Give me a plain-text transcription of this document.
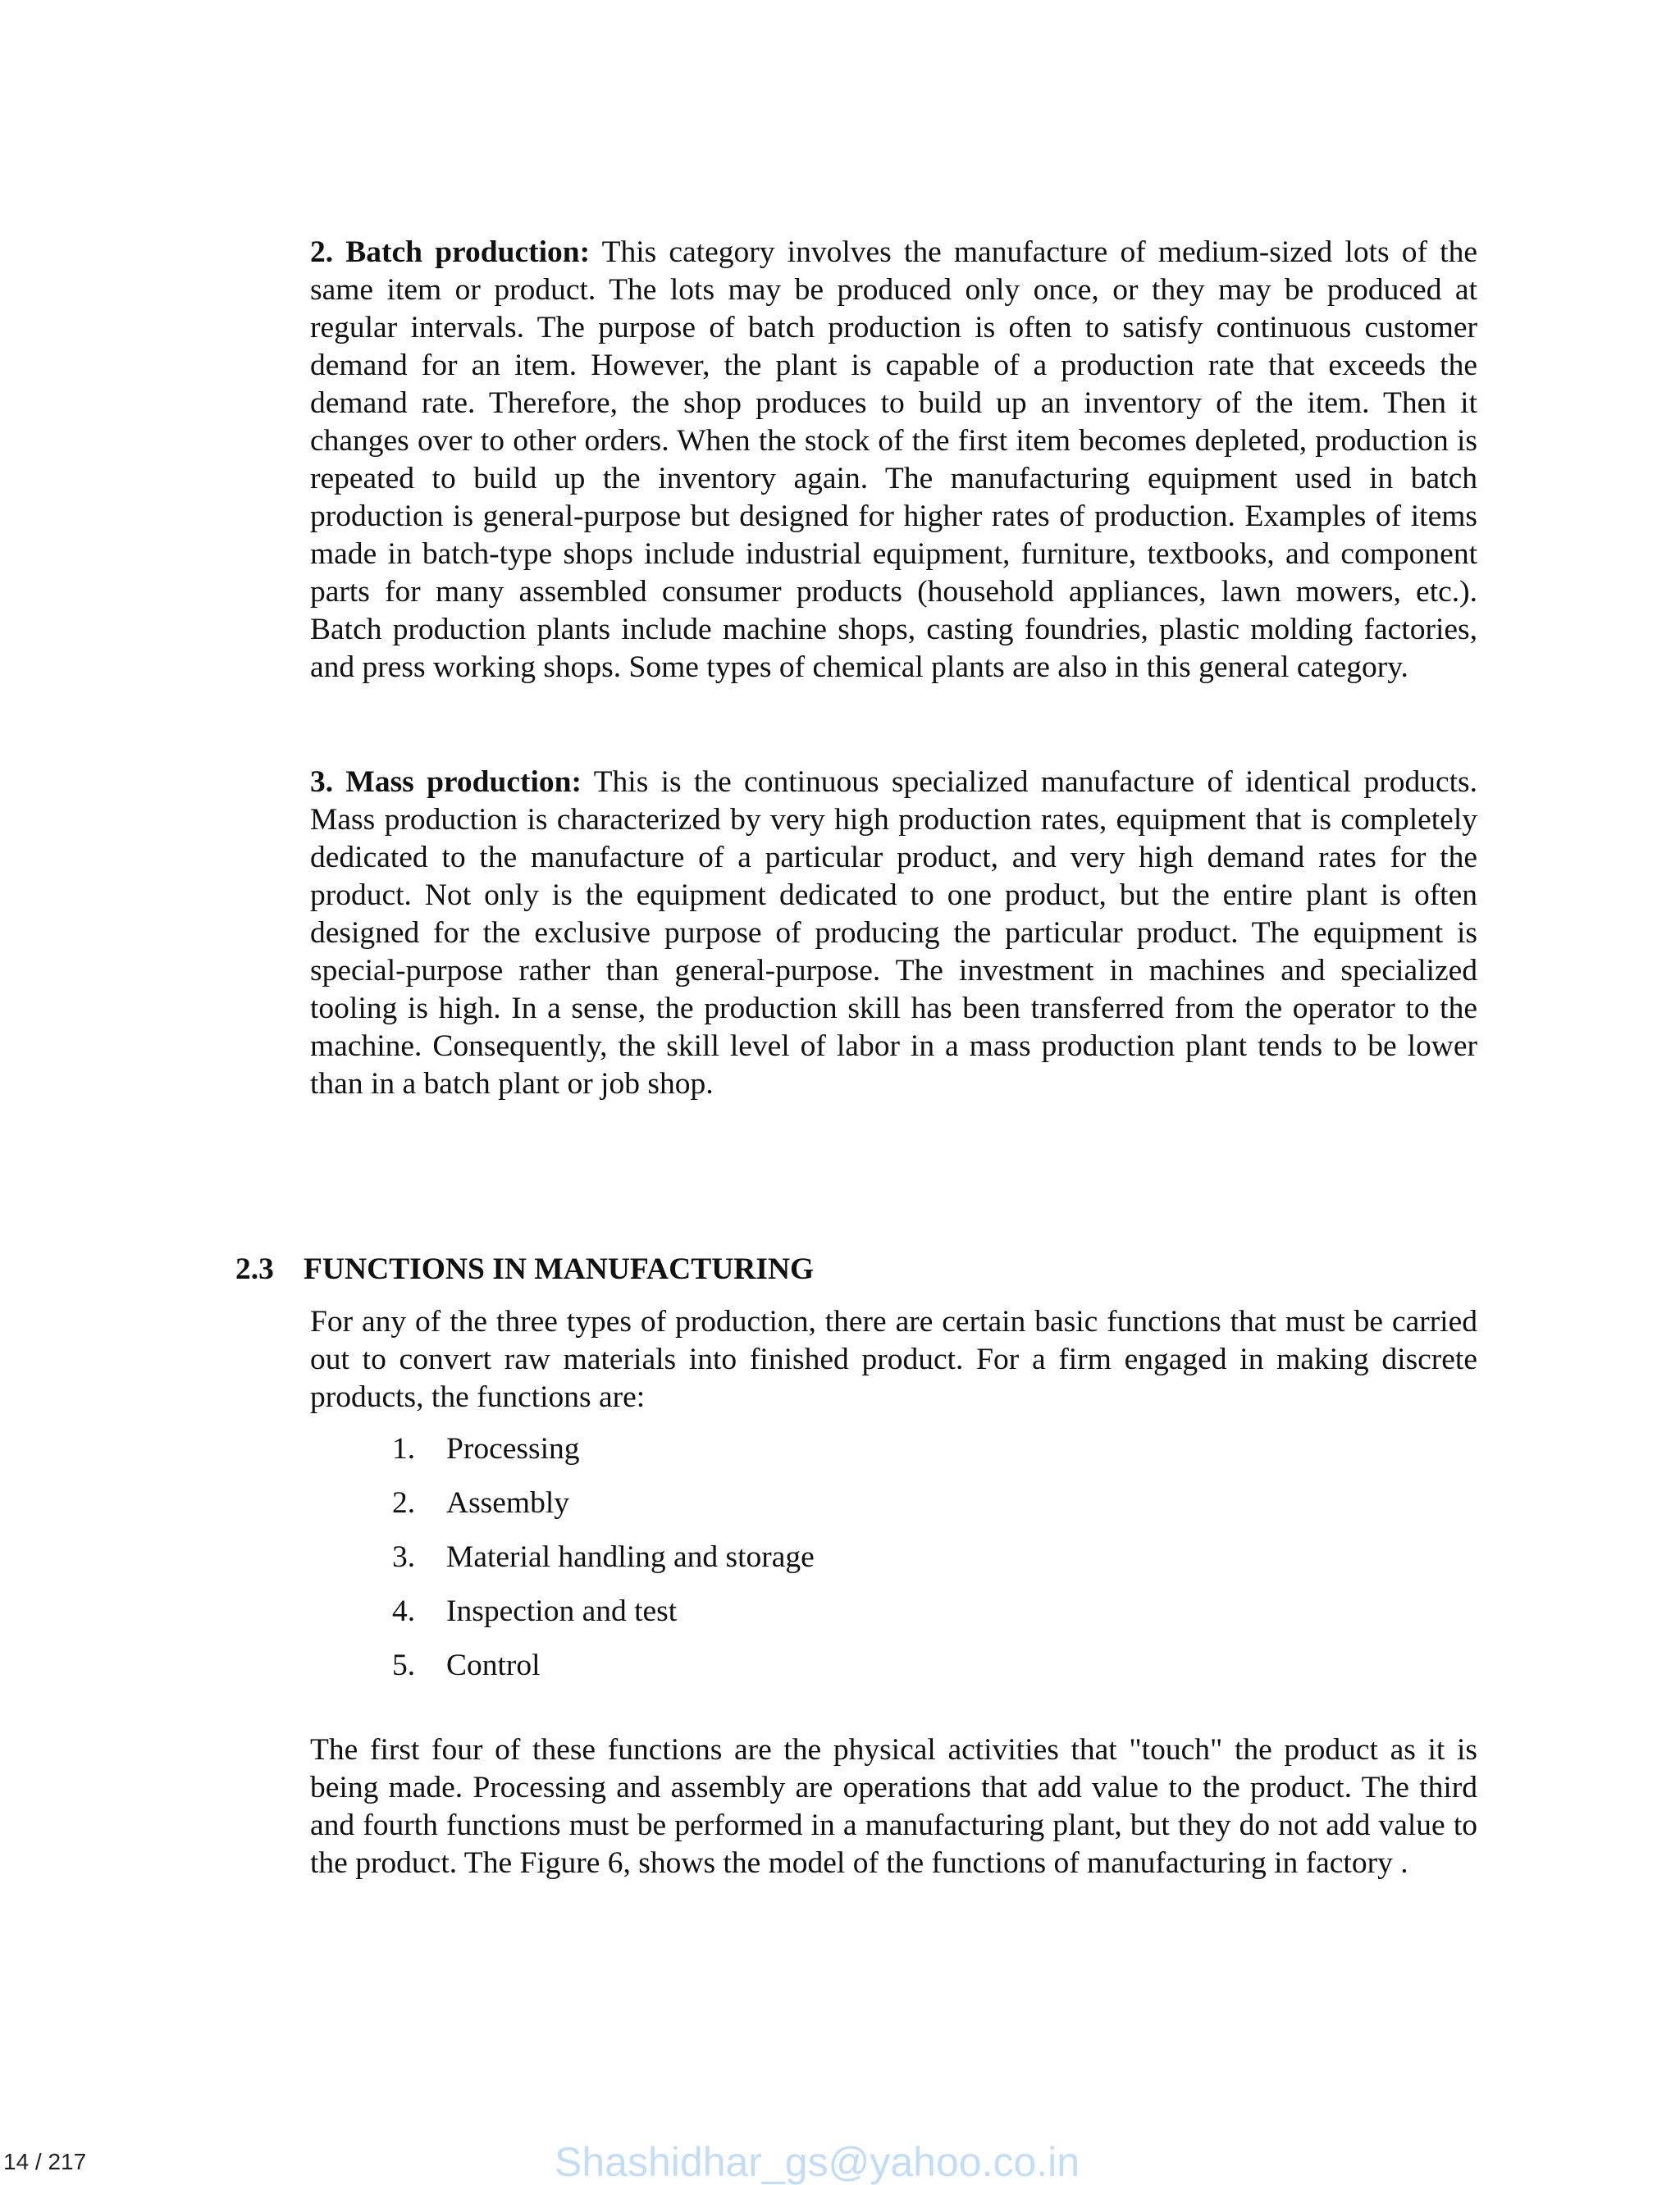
2. Batch production: This category involves the manufacture of medium-sized lots of the same item or product. The lots may be produced only once, or they may be produced at regular intervals. The purpose of batch production is often to satisfy continuous customer demand for an item. However, the plant is capable of a production rate that exceeds the demand rate. Therefore, the shop produces to build up an inventory of the item. Then it changes over to other orders. When the stock of the first item becomes depleted, production is repeated to build up the inventory again. The manufacturing equipment used in batch production is general-purpose but designed for higher rates of production. Examples of items made in batch-type shops include industrial equipment, furniture, textbooks, and component parts for many assembled consumer products (household appliances, lawn mowers, etc.). Batch production plants include machine shops, casting foundries, plastic molding factories, and press working shops. Some types of chemical plants are also in this general category.

3. Mass production: This is the continuous specialized manufacture of identical products. Mass production is characterized by very high production rates, equipment that is completely dedicated to the manufacture of a particular product, and very high demand rates for the product. Not only is the equipment dedicated to one product, but the entire plant is often designed for the exclusive purpose of producing the particular product. The equipment is special-purpose rather than general-purpose. The investment in machines and specialized tooling is high. In a sense, the production skill has been transferred from the operator to the machine. Consequently, the skill level of labor in a mass production plant tends to be lower than in a batch plant or job shop.

2.3 FUNCTIONS IN MANUFACTURING

For any of the three types of production, there are certain basic functions that must be carried out to convert raw materials into finished product. For a firm engaged in making discrete products, the functions are:

1. Processing
2. Assembly
3. Material handling and storage
4. Inspection and test
5. Control

The first four of these functions are the physical activities that "touch" the product as it is being made. Processing and assembly are operations that add value to the product. The third and fourth functions must be performed in a manufacturing plant, but they do not add value to the product. The Figure 6, shows the model of the functions of manufacturing in factory .

14 / 217	Shashidhar_gs@yahoo.co.in
